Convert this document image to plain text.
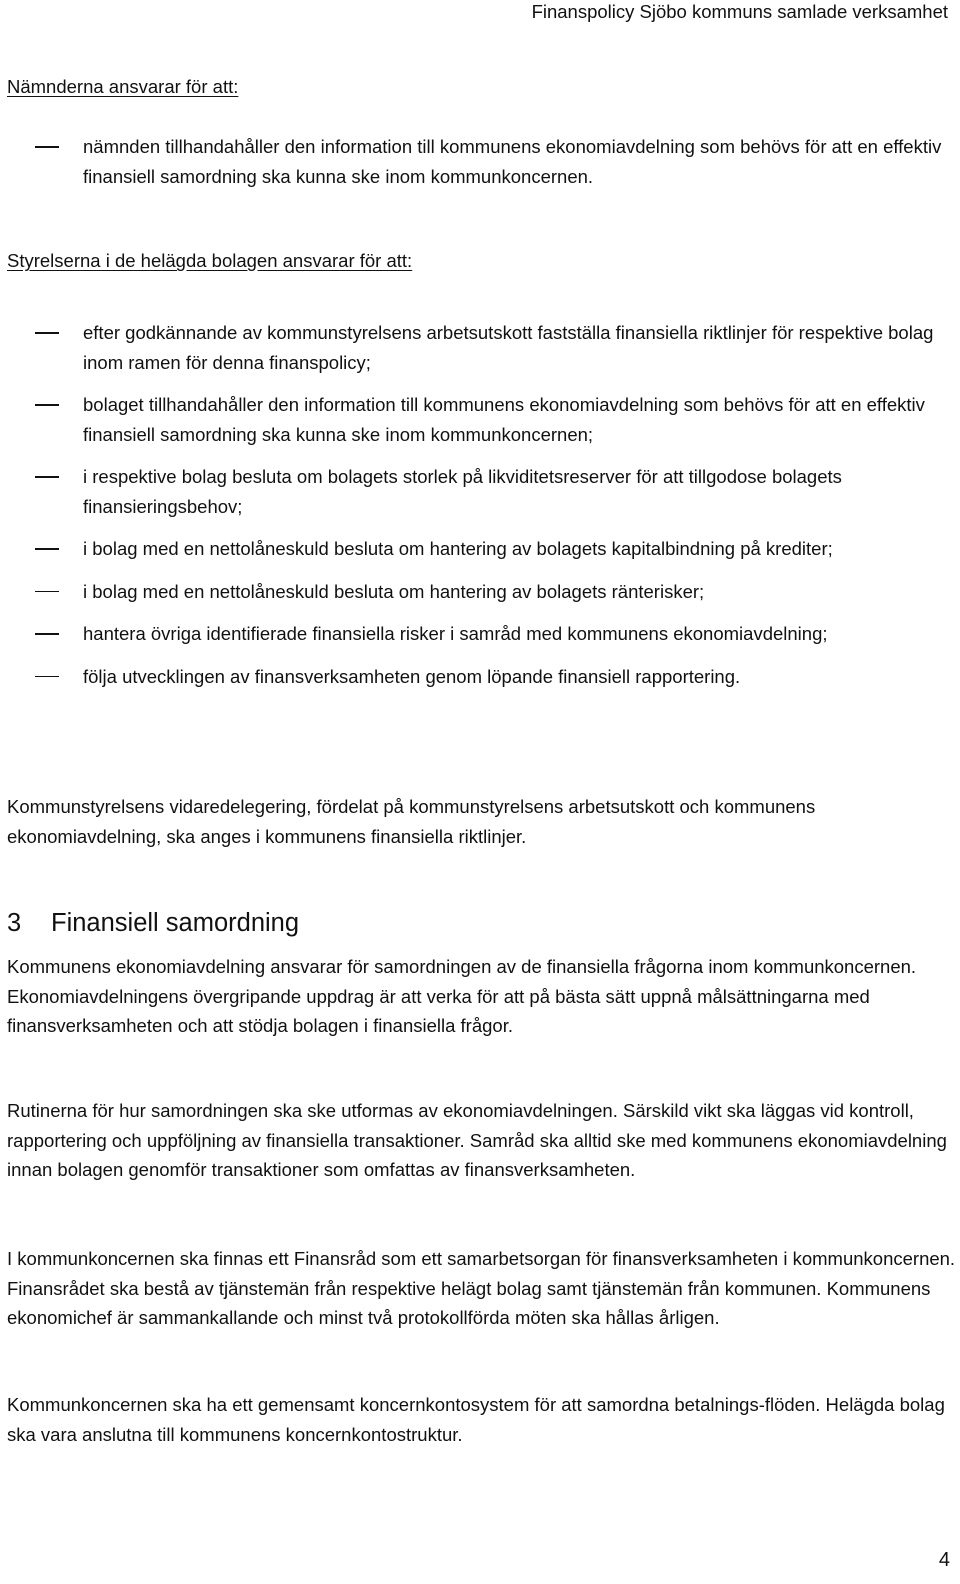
Finanspolicy Sjöbo kommuns samlade verksamhet

Nämnderna ansvarar för att:

nämnden tillhandahåller den information till kommunens ekonomiavdelning som behövs för att en effektiv finansiell samordning ska kunna ske inom kommunkoncernen.

Styrelserna i de helägda bolagen ansvarar för att:

efter godkännande av kommunstyrelsens arbetsutskott fastställa finansiella riktlinjer för respektive bolag inom ramen för denna finanspolicy;
bolaget tillhandahåller den information till kommunens ekonomiavdelning som behövs för att en effektiv finansiell samordning ska kunna ske inom kommunkoncernen;
i respektive bolag besluta om bolagets storlek på likviditetsreserver för att tillgodose bolagets finansieringsbehov;
i bolag med en nettolåneskuld besluta om hantering av bolagets kapitalbindning på krediter;
i bolag med en nettolåneskuld besluta om hantering av bolagets ränterisker;
hantera övriga identifierade finansiella risker i samråd med kommunens ekonomiavdelning;
följa utvecklingen av finansverksamheten genom löpande finansiell rapportering.

Kommunstyrelsens vidaredelegering, fördelat på kommunstyrelsens arbetsutskott och kommunens ekonomiavdelning, ska anges i kommunens finansiella riktlinjer.

3 Finansiell samordning

Kommunens ekonomiavdelning ansvarar för samordningen av de finansiella frågorna inom kommunkoncernen. Ekonomiavdelningens övergripande uppdrag är att verka för att på bästa sätt uppnå målsättningarna med finansverksamheten och att stödja bolagen i finansiella frågor.

Rutinerna för hur samordningen ska ske utformas av ekonomiavdelningen. Särskild vikt ska läggas vid kontroll, rapportering och uppföljning av finansiella transaktioner. Samråd ska alltid ske med kommunens ekonomiavdelning innan bolagen genomför transaktioner som omfattas av finansverksamheten.

I kommunkoncernen ska finnas ett Finansråd som ett samarbetsorgan för finansverksamheten i kommunkoncernen. Finansrådet ska bestå av tjänstemän från respektive helägt bolag samt tjänstemän från kommunen. Kommunens ekonomichef är sammankallande och minst två protokollförda möten ska hållas årligen.

Kommunkoncernen ska ha ett gemensamt koncernkontosystem för att samordna betalnings-flöden. Helägda bolag ska vara anslutna till kommunens koncernkontostruktur.

4
